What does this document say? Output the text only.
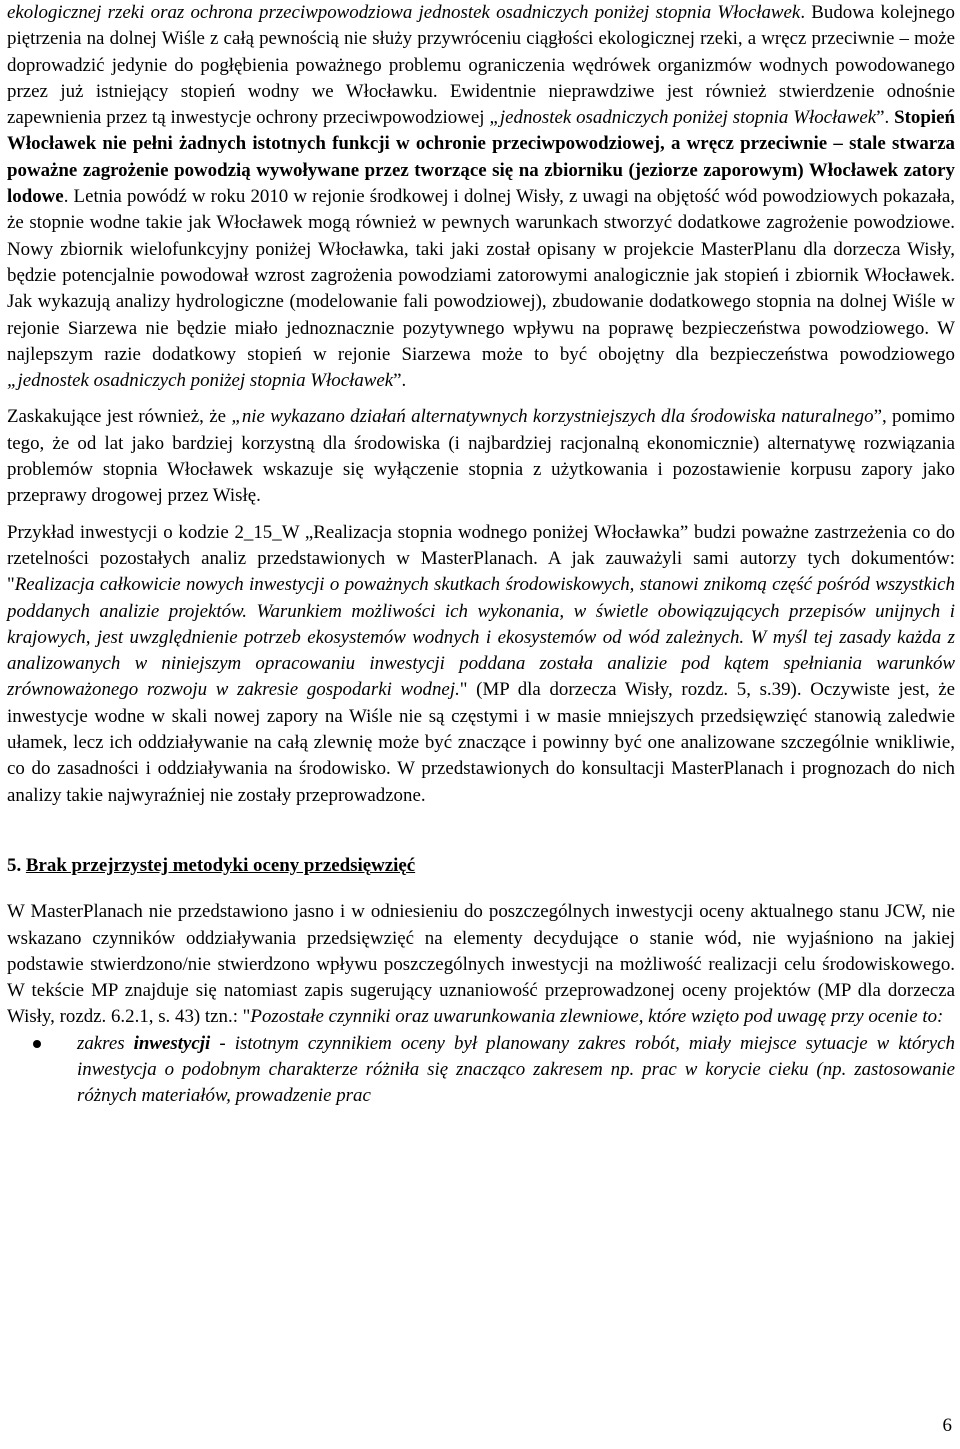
ekologicznej rzeki oraz ochrona przeciwpowodziowa jednostek osadniczych poniżej stopnia Włocławek. Budowa kolejnego piętrzenia na dolnej Wiśle z całą pewnością nie służy przywróceniu ciągłości ekologicznej rzeki, a wręcz przeciwnie – może doprowadzić jedynie do pogłębienia poważnego problemu ograniczenia wędrówek organizmów wodnych powodowanego przez już istniejący stopień wodny we Włocławku. Ewidentnie nieprawdziwe jest również stwierdzenie odnośnie zapewnienia przez tą inwestycje ochrony przeciwpowodziowej „jednostek osadniczych poniżej stopnia Włocławek”. Stopień Włocławek nie pełni żadnych istotnych funkcji w ochronie przeciwpowodziowej, a wręcz przeciwnie – stale stwarza poważne zagrożenie powodzią wywoływane przez tworzące się na zbiorniku (jeziorze zaporowym) Włocławek zatory lodowe. Letnia powódź w roku 2010 w rejonie środkowej i dolnej Wisły, z uwagi na objętość wód powodziowych pokazała, że stopnie wodne takie jak Włocławek mogą również w pewnych warunkach stworzyć dodatkowe zagrożenie powodziowe. Nowy zbiornik wielofunkcyjny poniżej Włocławka, taki jaki został opisany w projekcie MasterPlanu dla dorzecza Wisły, będzie potencjalnie powodował wzrost zagrożenia powodziami zatorowymi analogicznie jak stopień i zbiornik Włocławek. Jak wykazują analizy hydrologiczne (modelowanie fali powodziowej), zbudowanie dodatkowego stopnia na dolnej Wiśle w rejonie Siarzewa nie będzie miało jednoznacznie pozytywnego wpływu na poprawę bezpieczeństwa powodziowego. W najlepszym razie dodatkowy stopień w rejonie Siarzewa może to być obojętny dla bezpieczeństwa powodziowego „jednostek osadniczych poniżej stopnia Włocławek”.

Zaskakujące jest również, że „nie wykazano działań alternatywnych korzystniejszych dla środowiska naturalnego”, pomimo tego, że od lat jako bardziej korzystną dla środowiska (i najbardziej racjonalną ekonomicznie) alternatywę rozwiązania problemów stopnia Włocławek wskazuje się wyłączenie stopnia z użytkowania i pozostawienie korpusu zapory jako przeprawy drogowej przez Wisłę.

Przykład inwestycji o kodzie 2_15_W „Realizacja stopnia wodnego poniżej Włocławka” budzi poważne zastrzeżenia co do rzetelności pozostałych analiz przedstawionych w MasterPlanach. A jak zauważyli sami autorzy tych dokumentów: "Realizacja całkowicie nowych inwestycji o poważnych skutkach środowiskowych, stanowi znikomą część pośród wszystkich poddanych analizie projektów. Warunkiem możliwości ich wykonania, w świetle obowiązujących przepisów unijnych i krajowych, jest uwzględnienie potrzeb ekosystemów wodnych i ekosystemów od wód zależnych. W myśl tej zasady każda z analizowanych w niniejszym opracowaniu inwestycji poddana została analizie pod kątem spełniania warunków zrównoważonego rozwoju w zakresie gospodarki wodnej." (MP dla dorzecza Wisły, rozdz. 5, s.39). Oczywiste jest, że inwestycje wodne w skali nowej zapory na Wiśle nie są częstymi i w masie mniejszych przedsięwzięć stanowią zaledwie ułamek, lecz ich oddziaływanie na całą zlewnię może być znaczące i powinny być one analizowane szczególnie wnikliwie, co do zasadności i oddziaływania na środowisko. W przedstawionych do konsultacji MasterPlanach i prognozach do nich analizy takie najwyraźniej nie zostały przeprowadzone.

5. Brak przejrzystej metodyki oceny przedsięwzięć

W MasterPlanach nie przedstawiono jasno i w odniesieniu do poszczególnych inwestycji oceny aktualnego stanu JCW, nie wskazano czynników oddziaływania przedsięwzięć na elementy decydujące o stanie wód, nie wyjaśniono na jakiej podstawie stwierdzono/nie stwierdzono wpływu poszczególnych inwestycji na możliwość realizacji celu środowiskowego. W tekście MP znajduje się natomiast zapis sugerujący uznaniowość przeprowadzonej oceny projektów (MP dla dorzecza Wisły, rozdz. 6.2.1, s. 43) tzn.: "Pozostałe czynniki oraz uwarunkowania zlewniowe, które wzięto pod uwagę przy ocenie to:

zakres inwestycji - istotnym czynnikiem oceny był planowany zakres robót, miały miejsce sytuacje w których inwestycja o podobnym charakterze różniła się znacząco zakresem np. prac w korycie cieku (np. zastosowanie różnych materiałów, prowadzenie prac
6
